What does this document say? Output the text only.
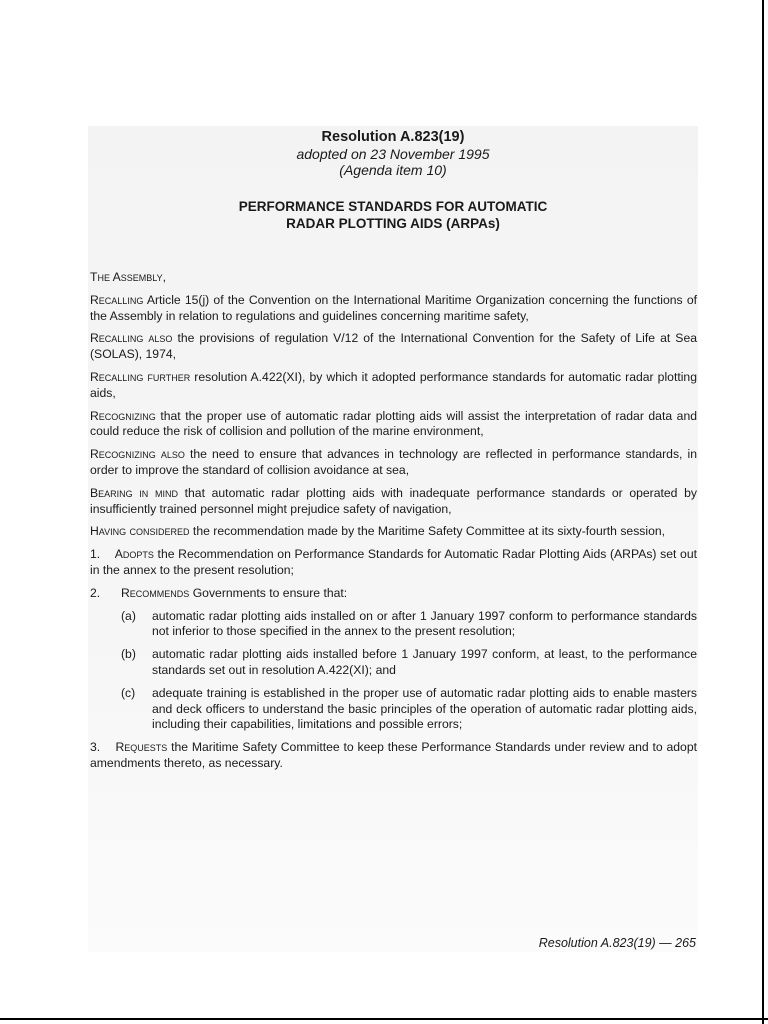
Resolution A.823(19)
adopted on 23 November 1995
(Agenda item 10)
PERFORMANCE STANDARDS FOR AUTOMATIC
RADAR PLOTTING AIDS (ARPAs)

The Assembly,

Recalling Article 15(j) of the Convention on the International Maritime Organization concerning the functions of the Assembly in relation to regulations and guidelines concerning maritime safety,

Recalling also the provisions of regulation V/12 of the International Convention for the Safety of Life at Sea (SOLAS), 1974,

Recalling further resolution A.422(XI), by which it adopted performance standards for automatic radar plotting aids,

Recognizing that the proper use of automatic radar plotting aids will assist the interpretation of radar data and could reduce the risk of collision and pollution of the marine environment,

Recognizing also the need to ensure that advances in technology are reflected in performance standards, in order to improve the standard of collision avoidance at sea,

Bearing in mind that automatic radar plotting aids with inadequate performance standards or operated by insufficiently trained personnel might prejudice safety of navigation,

Having considered the recommendation made by the Maritime Safety Committee at its sixty-fourth session,

1. Adopts the Recommendation on Performance Standards for Automatic Radar Plotting Aids (ARPAs) set out in the annex to the present resolution;

2.	Recommends Governments to ensure that:
(a)	automatic radar plotting aids installed on or after 1 January 1997 conform to performance standards not inferior to those specified in the annex to the present resolution;
(b)	automatic radar plotting aids installed before 1 January 1997 conform, at least, to the performance standards set out in resolution A.422(XI); and
(c)	adequate training is established in the proper use of automatic radar plotting aids to enable masters and deck officers to understand the basic principles of the operation of automatic radar plotting aids, including their capabilities, limitations and possible errors;

3. Requests the Maritime Safety Committee to keep these Performance Standards under review and to adopt amendments thereto, as necessary.

Resolution A.823(19) — 265
